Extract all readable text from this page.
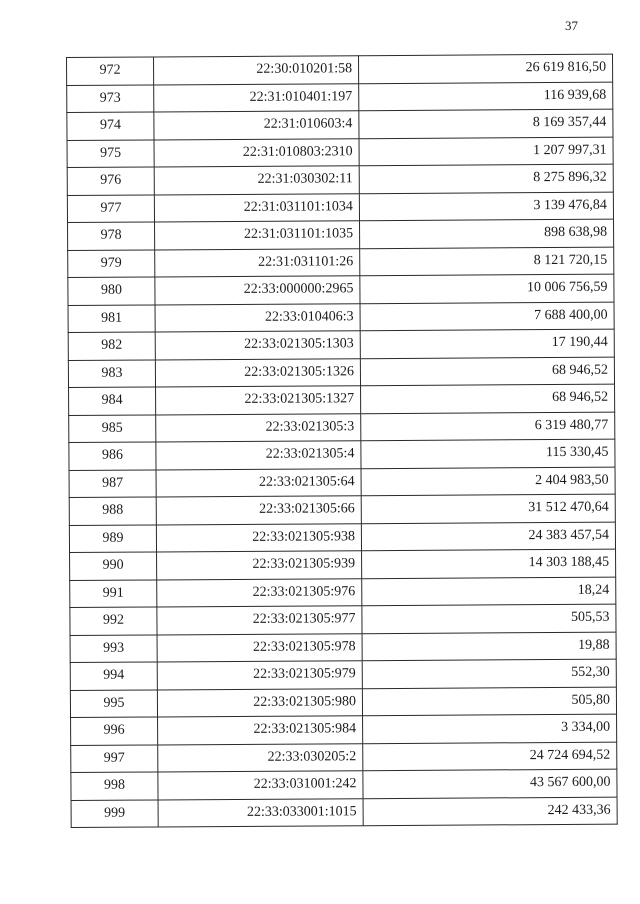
37
972	22:30:010201:58	26 619 816,50
973	22:31:010401:197	116 939,68
974	22:31:010603:4	8 169 357,44
975	22:31:010803:2310	1 207 997,31
976	22:31:030302:11	8 275 896,32
977	22:31:031101:1034	3 139 476,84
978	22:31:031101:1035	898 638,98
979	22:31:031101:26	8 121 720,15
980	22:33:000000:2965	10 006 756,59
981	22:33:010406:3	7 688 400,00
982	22:33:021305:1303	17 190,44
983	22:33:021305:1326	68 946,52
984	22:33:021305:1327	68 946,52
985	22:33:021305:3	6 319 480,77
986	22:33:021305:4	115 330,45
987	22:33:021305:64	2 404 983,50
988	22:33:021305:66	31 512 470,64
989	22:33:021305:938	24 383 457,54
990	22:33:021305:939	14 303 188,45
991	22:33:021305:976	18,24
992	22:33:021305:977	505,53
993	22:33:021305:978	19,88
994	22:33:021305:979	552,30
995	22:33:021305:980	505,80
996	22:33:021305:984	3 334,00
997	22:33:030205:2	24 724 694,52
998	22:33:031001:242	43 567 600,00
999	22:33:033001:1015	242 433,36
